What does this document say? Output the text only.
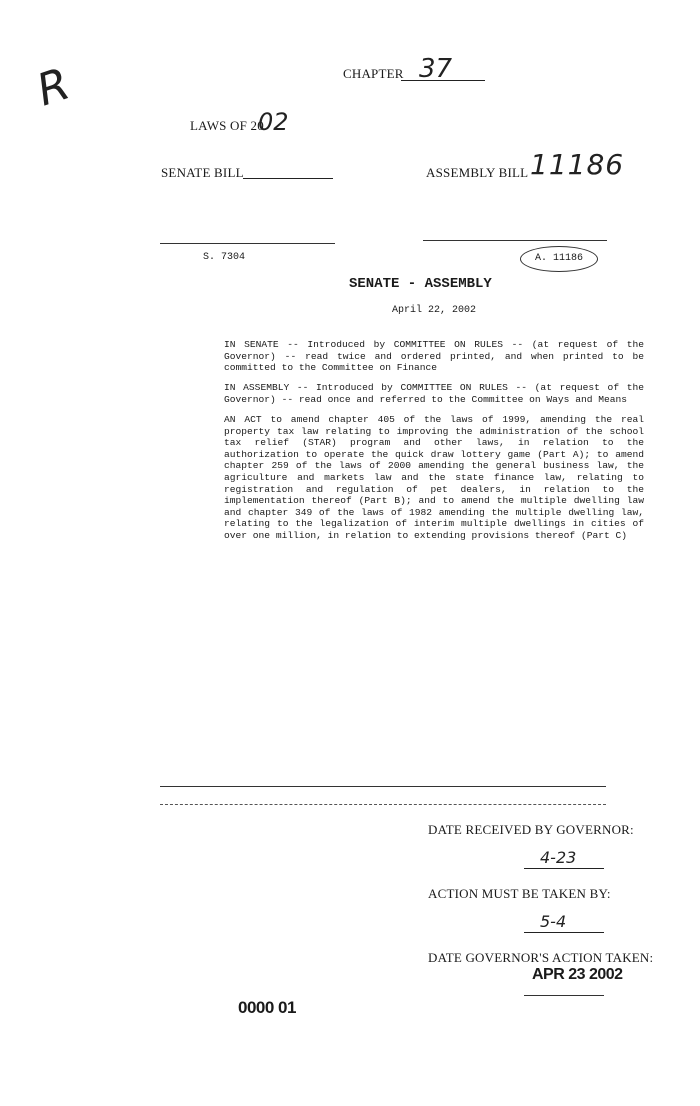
R	CHAPTER 37
LAWS OF 20
02
SENATE BILL	ASSEMBLY BILL 11186
S. 7304	A. 11186
SENATE - ASSEMBLY
April 22, 2002
IN SENATE -- Introduced by COMMITTEE ON RULES -- (at request of the Governor) -- read twice and ordered printed, and when printed to be committed to the Committee on Finance
IN ASSEMBLY -- Introduced by COMMITTEE ON RULES -- (at request of the Governor) -- read once and referred to the Committee on Ways and Means
AN ACT to amend chapter 405 of the laws of 1999, amending the real property tax law relating to improving the administration of the school tax relief (STAR) program and other laws, in relation to the authorization to operate the quick draw lottery game (Part A); to amend chapter 259 of the laws of 2000 amending the general business law, the agriculture and markets law and the state finance law, relating to registration and regulation of pet dealers, in relation to the implementation thereof (Part B); and to amend the multiple dwelling law and chapter 349 of the laws of 1982 amending the multiple dwelling law, relating to the legalization of interim multiple dwellings in cities of over one million, in relation to extending provisions thereof (Part C)
DATE RECEIVED BY GOVERNOR:
4-23
ACTION MUST BE TAKEN BY:
5-4
DATE GOVERNOR'S ACTION TAKEN:
APR 23 2002
0000 01
